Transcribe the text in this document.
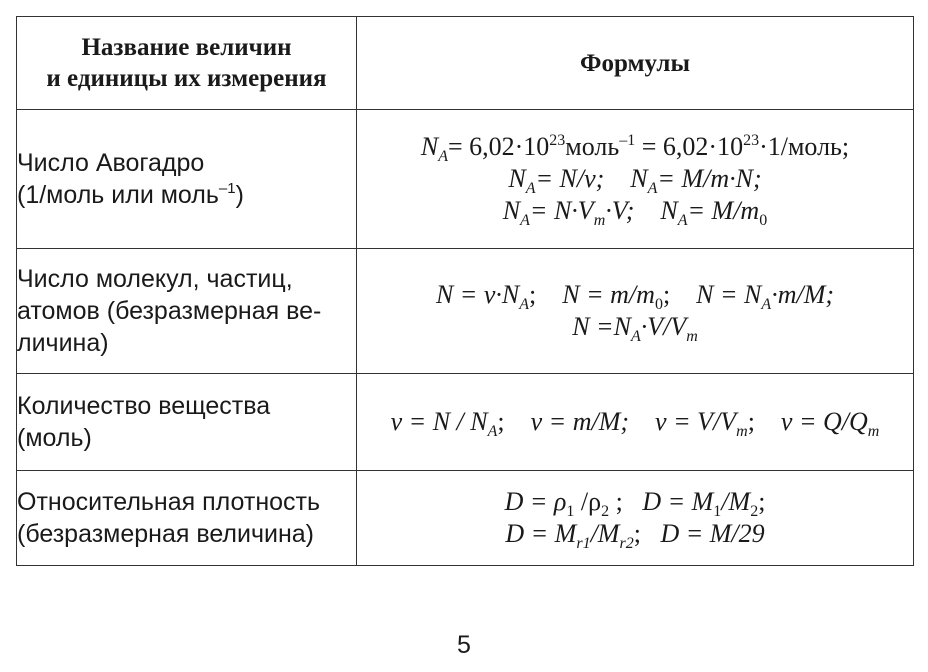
Название величин
и единицы их измерения	Формулы

Число Авогадро
(1/моль или моль$^{-1}$)	$N_A=$ $6,02\cdot 10^{23}моль^{-1}$ = $6,02\cdot 10^{23}\cdot 1$/моль;
$N_A= N/\nu$; $N_A= M/m\cdot N$;
$N_A= N\cdot V_m\cdot V$; $N_A= M/m_0$

Число молекул, частиц,
атомов (безразмерная ве-
личина)	$N = \nu\cdot N_A$; $N = m/m_0$; $N = N_A\cdot m/M$;
$N =N_A\cdot V/V_m$

Количество вещества
(моль)	$\nu = N / N_A$; ν = m/M; $\nu = V/V_m$; $\nu = Q/Q_m$

Относительная плотность
(безразмерная величина)	$D = \rho_1$ $/\rho_2$ ; $D = M_1/M_2$;
$D = M_{r1}/M_{r2}$; D = M/29
5
